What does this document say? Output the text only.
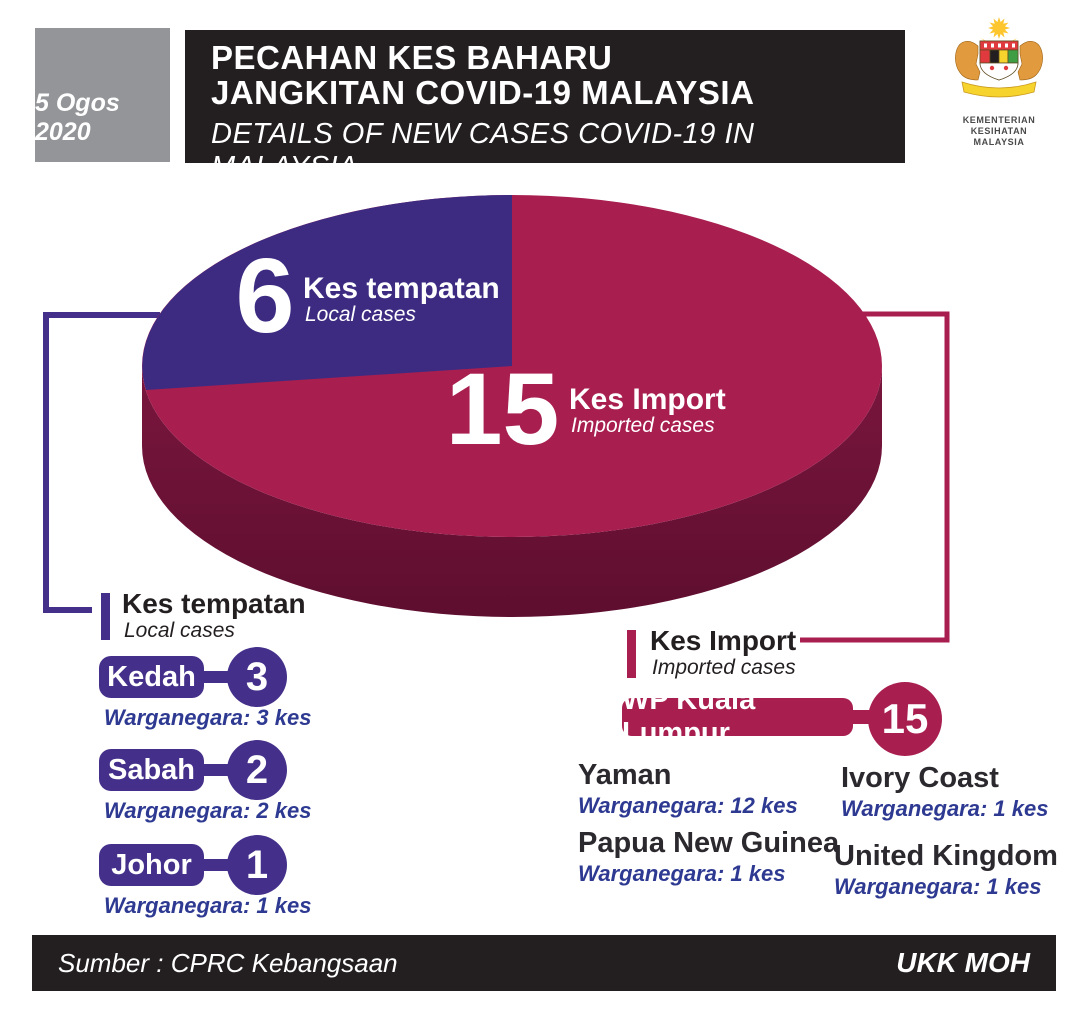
5 Ogos 2020
PECAHAN KES BAHARU
JANGKITAN COVID-19 MALAYSIA
DETAILS OF NEW CASES COVID-19 IN MALAYSIA
KEMENTERIAN KESIHATAN
MALAYSIA
6 Kes tempatan
Local cases
15 Kes Import
Imported cases
Kes tempatan
Local cases
Kedah	3
Warganegara: 3 kes
Sabah	2
Warganegara: 2 kes
Johor	1
Warganegara: 1 kes
Kes Import
Imported cases
WP Kuala Lumpur	15
Yaman
Warganegara: 12 kes
Ivory Coast
Warganegara: 1 kes
Papua New Guinea
Warganegara: 1 kes
United Kingdom
Warganegara: 1 kes
Sumber : CPRC Kebangsaan	UKK MOH
